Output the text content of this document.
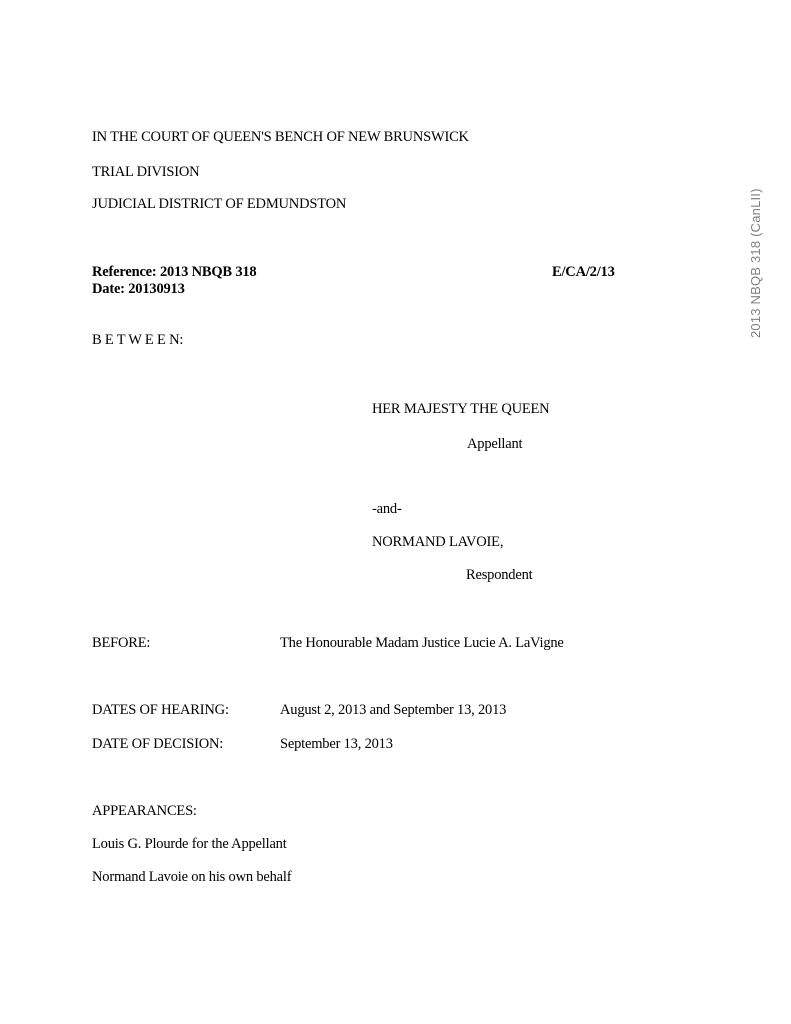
IN THE COURT OF QUEEN'S BENCH OF NEW BRUNSWICK
TRIAL DIVISION
JUDICIAL DISTRICT OF EDMUNDSTON
Reference: 2013 NBQB 318	E/CA/2/13
Date: 20130913
B E T W E E N:
HER MAJESTY THE QUEEN
Appellant
-and-
NORMAND LAVOIE,
Respondent
BEFORE:	The Honourable Madam Justice Lucie A. LaVigne
DATES OF HEARING:	August 2, 2013 and September 13, 2013
DATE OF DECISION:	September 13, 2013
APPEARANCES:
Louis G. Plourde for the Appellant
Normand Lavoie on his own behalf
2013 NBQB 318 (CanLII)
